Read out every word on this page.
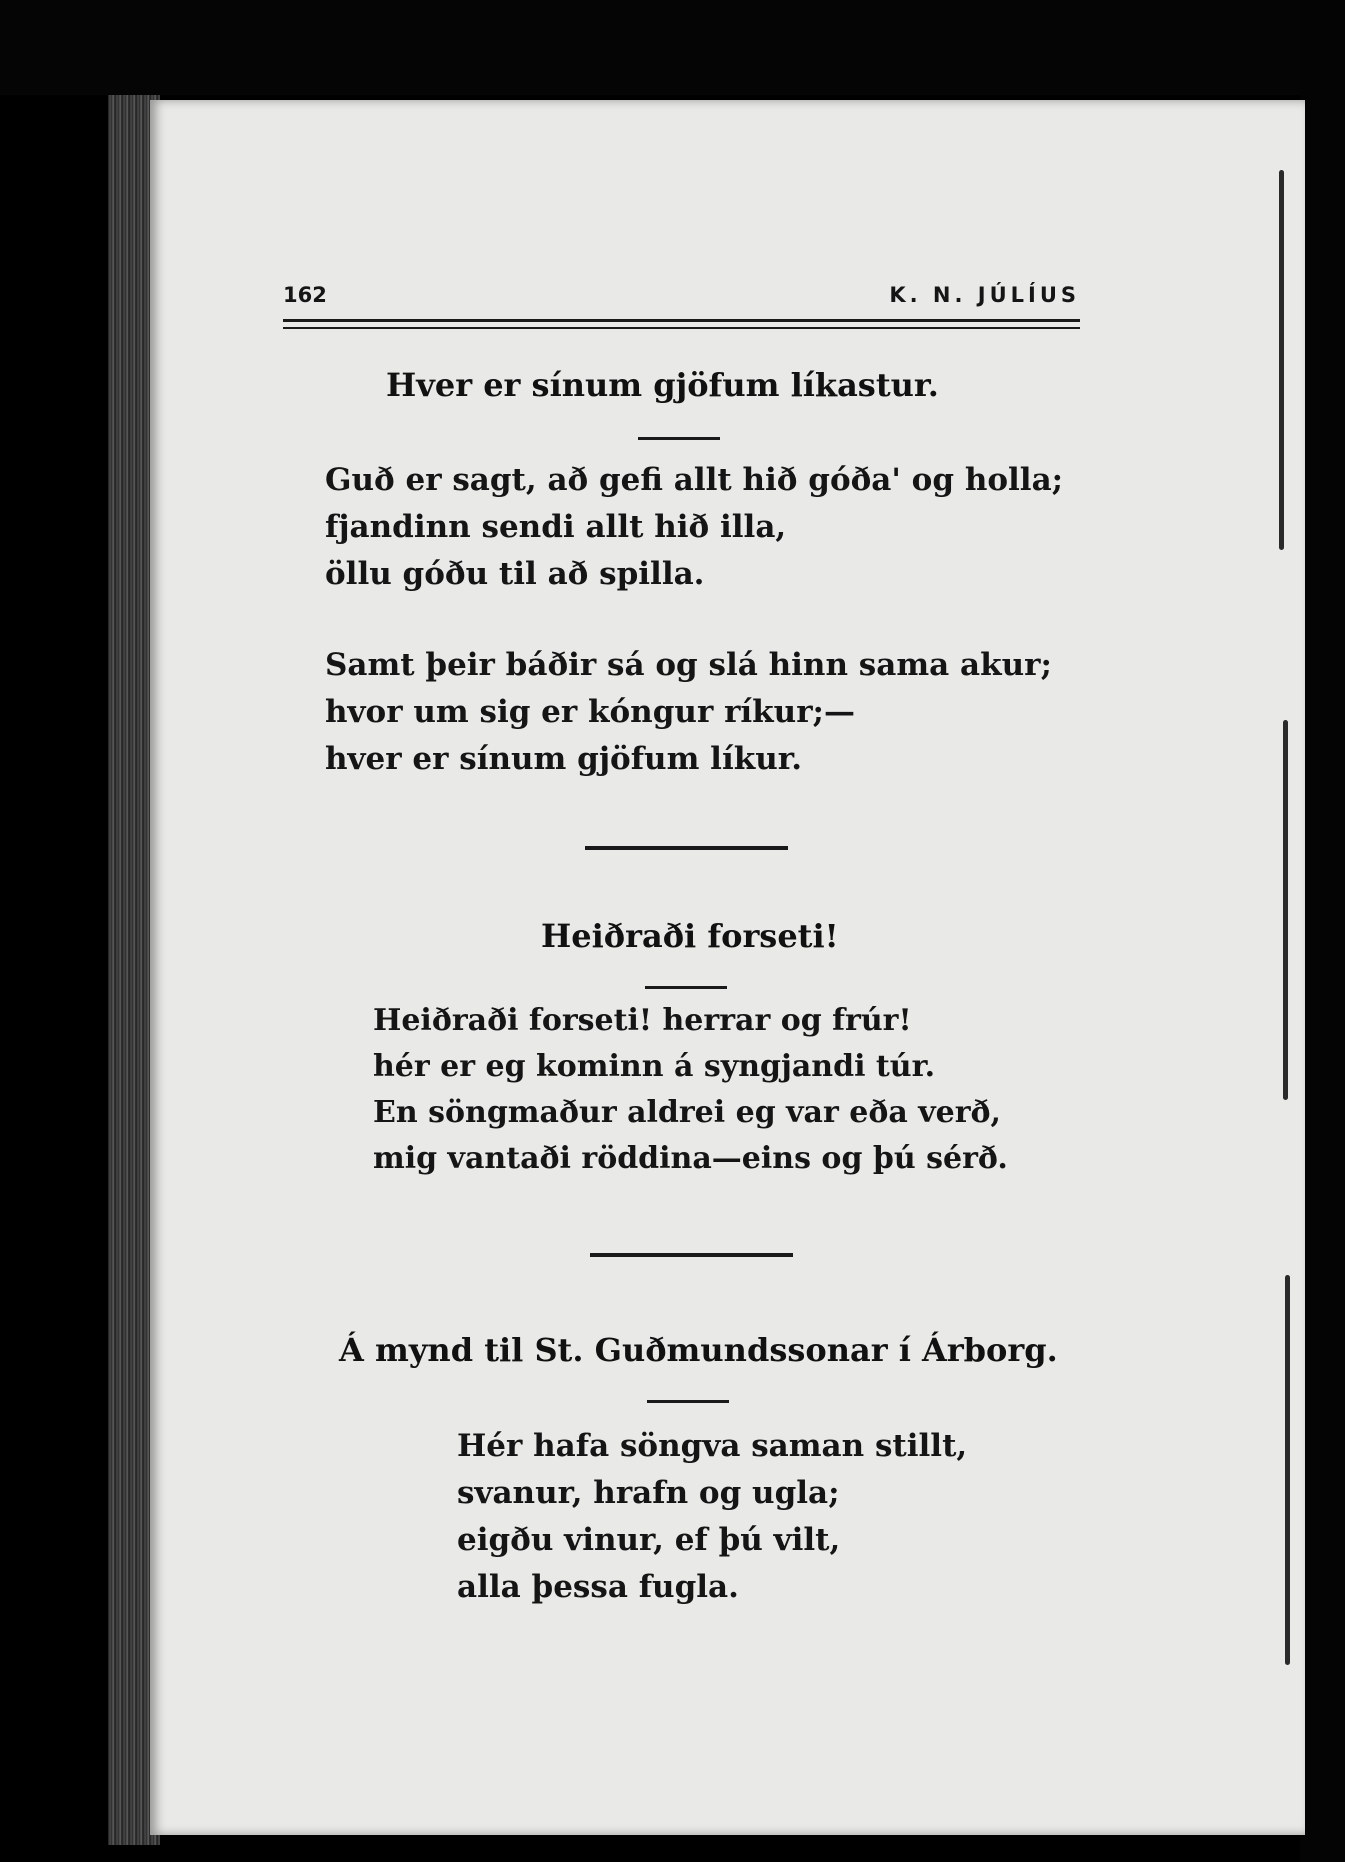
162	K. N. JÚLÍUS
Hver er sínum gjöfum líkastur.
Guð er sagt, að gefi allt hið góða' og holla;
fjandinn sendi allt hið illa,
öllu góðu til að spilla.
Samt þeir báðir sá og slá hinn sama akur;
hvor um sig er kóngur ríkur;—
hver er sínum gjöfum líkur.
Heiðraði forseti!
Heiðraði forseti! herrar og frúr!
hér er eg kominn á syngjandi túr.
En söngmaður aldrei eg var eða verð,
mig vantaði röddina—eins og þú sérð.
Á mynd til St. Guðmundssonar í Árborg.
Hér hafa söngva saman stillt,
svanur, hrafn og ugla;
eigðu vinur, ef þú vilt,
alla þessa fugla.
